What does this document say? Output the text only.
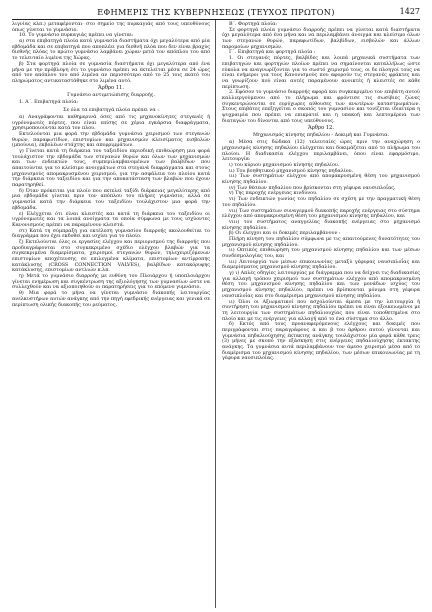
ΕΦΗΜΕΡΙΣ ΤΗΣ ΚΥΒΕΡΝΗΣΕΩΣ (ΤΕΥΧΟΣ ΠΡΩΤΟΝ)	1427

λιγνίας κλπ.) μεταφέρονται· στο σημείο της πυρκαγιάς από τους υπευθύνους όπως γίνεται το γυμνάσιο.

10. Το γυμνάσιο πυρκαγιάς πρέπει να γίνεται:

α) στα επιβατηγά πλοία κατά γυμνασία διαστήματα όχι μεγαλύτερα από μία εβδομάδα και σε επιβατηγά που αποπλέει για διεθνή πλόα που δεν είναι βραχύς διεθνής πλόας το πρώτο γυμνάσιο λαμβάνει χώραν μετά τον απόπλου του από το τελευταίο λιμένα της Χώρας.

β) Στα φορτηγά πλοία σε γυμνασία διαστήματα όχι μεγαλύτερα από ένα μήνα με την πρόβλεψη ότι το γυμνάσιο πρέπει να εκτελείται μέσα σε 24 ώρες από τον απόπλου του από λιμένα αν περισσότερο από το 25 τοις εκατό του πληρώματος αντικαταστάθηκε στο λιμένα αυτό.

Άρθρο 11.

Γυμνάσιο αντιμετώπισης διαρροής.

1. Α΄. Επιβατηγά πλοία:

Σε όλα τα επιβατηγά πλοία πρέπει να :

α) Αναγράφονται καθημερινά όσες από τις μηχανοκίνητες στεγανές ή υγρόνομωτές πόρτες, που είναι επίσης σε χέρια εγκάρσια διαφράγματα, χρησιμοποιούνται κατά τον πλου.

Εκτελούνται μια φορά την εβδομάδα γυμνάσια χειρισμού των στεγανών θυρών, παραφωτίδων, επιστομίων και μηχανισμών κλεισίματος εισβολών (μπούνια), εκβολέων στάχτης και απορριμμάτων.

γ) Γίνεται κατά τη διάρκεια του ταξειδίου περιοδική επιθεώρηση μια φορά τουλάχιστον την εβδομάδα των στεγανών θυρών και όλων των μηχανισμών και των ενδεικτών τους, συμπεριλαμβανομένων των βαλβίδων που απαιτούνται για το κλείσιμο ανοιγμάτων στα στεγανά διαφράγματα και στους μηχανισμούς απομακρυσμένου χειρισμού, για την ασφάλεια του πλοίου κατά την διάρκεια του ταξειδίου και για την αποκατάσταση των βλαβών που έχουν παρατηρηθεί.

δ) Όταν πρόκειται για πλοίο που εκτελεί ταξίδι διάρκειας μεγαλύτερης από μια εβδομάδα γίνεται πριν τον απόπλου του πλήρες γυμνάσιο, αλλά σε γυμνασία κατά την διάρκεια του ταξειδίου τουλάχιστον μια φορά την εβδομάδα.

ε) Ελέγχεται ότι είναι κλειστές και κατά τη διάρκεια του ταξειδίου οι υγρόνομωτές και τα λοιπά ανοίγματα τα οποία σύμφωνα με τους ισχύοντες Κανονισμούς πρέπει να παραμένουν κλειστά.

στ) Κατά τη σύμπραξη για εκτέλεση γυμνασίου διαρροής ακολουθείται το διαγράμμα που έχει εκδοθεί και ισχύει για το πλοίο.

ζ) Εκτελούνται όλες οι εργασίες ελέγχου και περιορισμού της διαρροής που προδιαγράφονται στο συγκεκριμένο σχέδιο ελέγχου βλαβών για τα συγκεκριμένα διαμερίσματα, χειρισμοί στεγανών θυρών, τηλεχειριζόμενων επιστομίων αποχέτευσης σε επιλεγμένα κλίματα, επιστομίων αντίρροπης κατάκλυσης (CROSS CONNECTION VALVES), βαλβίδων κατακόρυφης κατάκλυσης, επιστομίων αντλιών κ.λπ.

η) Μετά το γυμνάσιο διαρροής με ευθύνη του Πλοιάρχου ή υποπλοιάρχου γίνεται ενημέρωση και συγκέντρωση της αξιολόγησης των γυμνασίων ώστε να συλλεχθούν και να αξιοποιηθούν οι παρατηρήσεις για το επόμενο γυμνάσιο.

θ) Μια φορά το μήνα να γίνεται γυμνάσιο διακοπής λειτουργίας ανελκυστήρων αυτών ανάγκης από την πηγή εφεδρικής ενέργειας και γενικά σε περίπτωση ολικής διακοπής του ρεύματος.

Β΄. Φορτηγά πλοία:

Σε φορτηγά πλοία γυμνάσιο διαρροής πρέπει να γίνεται κατά διαστήματα όχι μεγαλύτερα από ένα μήνα και να περιλαμβάνει άνοιγμα και κλείσιμο όλων των στεγανών θυρών, παραφωτίδων, βαλβίδων, εισβολών και άλλων παρομοίων μηχανισμών.

Γ΄. Επιβατηγά και φορτηγά πλοία :

1. Οι στεγανές πόρτες, βαλβίδες και λοιπά μηχανικά συστήματα των επιβατηγών και φορτηγών πλοίων πρέπει να σημαίνονται καταλλήλως ώστε εύκολα να αναγνωρίζονται για το σωστό χειρισμό τους, οι δε πλοηγοί τους να είναι ενήμεροι για τους Κανονισμούς που αφορούν τις στεγανές φράκτες και να γνωρίζουν πού είναι αυτές παραμένουν ανοικτές ή κλειστές σε κάθε περίπτωση.

2. Εφόσον το γυμνάσιο διαρροής αφορά και συγκεκριμένο τον επιβάτη αυτού καλλιεργούμενου από το πλήρωμα και φρόντισε τις σωσίβιες ζώνες συγκεντρώνονται σε ευρύχωρες αίθουσες των ανωτέρων καταστρωμάτων. Στους επιβάτες επεξηγείται ο σκοπός του γυμνασίου και τονίζεται ιδιαίτερα η ψυχραιμία που πρέπει να επικρατεί και η υπακοή και λεπτομέρεια των διαταγών του δίνονται από τους υπεύθυνους.

Άρθρο 12.

Μηχανισμός κίνησης πηδαλίου - Δοκιμή και Γυμνάσια.

α) Μέσα στις δώδεκα (12) τελευταίες ώρες πριν την αναχώρηση ο μηχανισμός κίνησης πηδαλίου ελέγχεται και δοκιμάζεται από το πλήρωμα του πλοίου. Η διαδικασία ελέγχου περιλαμβάνει, όπου είναι εφαρμόσιμο, λειτουργία:

ι) του κύριου μηχανισμού κίνησης πηδαλίου.

ιι) Του βοηθητικού μηχανισμού κίνησης πηδαλίου.

ιιι) Των συστημάτων ελέγχου από απομακρυσμένη θέση του μηχανισμού κίνησης πηδαλίου.

ιv) Των θέσεων πηδαλίου που βρίσκονται στη γέφυρα ναυσιπλοΐας.

v) Της παροχής ενέργειας κινδύνου.

vι) Των ενδεικτών γωνίας του πηδαλίου σε σχέση με την πραγματική θέση του πηδαλίου.

vιι) Των συστημάτων συναγερμού διακοπής παροχής ενέργειας στο σύστημα ελέγχου από απομακρυσμένη θέση του μηχανισμού κίνησης πηδαλίου, και

vιιι) του συστήματος αναγγελίας διακοπής ενέργειας στο μηχανισμό κίνησης πηδαλίου.

β) Οι έλεγχοι και οι δοκιμές περιλαμβάνουν :

Πλήρη κίνηση του πηδαλίου σύμφωνα με τις απαιτούμενες δυνατότητες του μηχανισμού κίνησης πηδαλίου.

ιι) Οπτικός επιθεώρηση του μηχανισμού κίνησης πηδαλίου και των μέσων συνδεσμολογίας του, και

ιιι) Λειτουργία των μέσων επικοινωνίας μεταξύ γέφυρας ναυσιπλοΐας και διαμερίσματος μηχανισμού κίνησης πηδαλίου.

γ) ι) Απλές οδηγίες λειτουργίας με διάγραμμα που να δείχνει τις διαδικασίες για αλλαγή τρόπου χειρισμού των συστημάτων ελέγχου από απομακρυσμένη θέση του μηχανισμού κίνησης πηδαλίου και των μονάδων ισχύος του μηχανισμού κίνησης πηδαλίου, πρέπει να βρίσκονται μόνιμα στη γέφυρα ναυσιπλοΐας και στο διαμέρισμα μηχανισμού κίνησης πηδαλίου.

ιι) Όλοι οι Αξιωματικοί που ασχολούνται άμεσα με την λειτουργία ή συντήρηση του μηχανισμού κίνησης πηδαλίου πρέπει να είναι εξοικειωμένοι με τη λειτουργία των συστημάτων πηδαλιουχίας που είναι τοποθετημένα στο πλοίο και με τις ενέργειες για αλλαγή από το ένα σύστημα στο άλλο.

δ) Εκτός από τους προαναφερόμενους ελέγχους και δοκιμές που περιγράφονται στις παραγράφους α και β του άρθρου αυτού γίνονται και γυμνάσια πηδαλιούχησης έκτακτης ανάγκης τουλάχιστον μία φορά κάθε τρεις (3) μήνες με σκοπό την εξάσκηση στις ενέργειες πηδαλιούχησης έκτακτης ανάγκης. Τα γυμνάσια αυτά περιλαμβάνουν τον άμεσο χειρισμό μέσα από το διαμέρισμα του μηχανισμού κίνησης πηδαλίου, των μέσων επικοινωνίας με τη γέφυρα ναυσιπλοΐας.
